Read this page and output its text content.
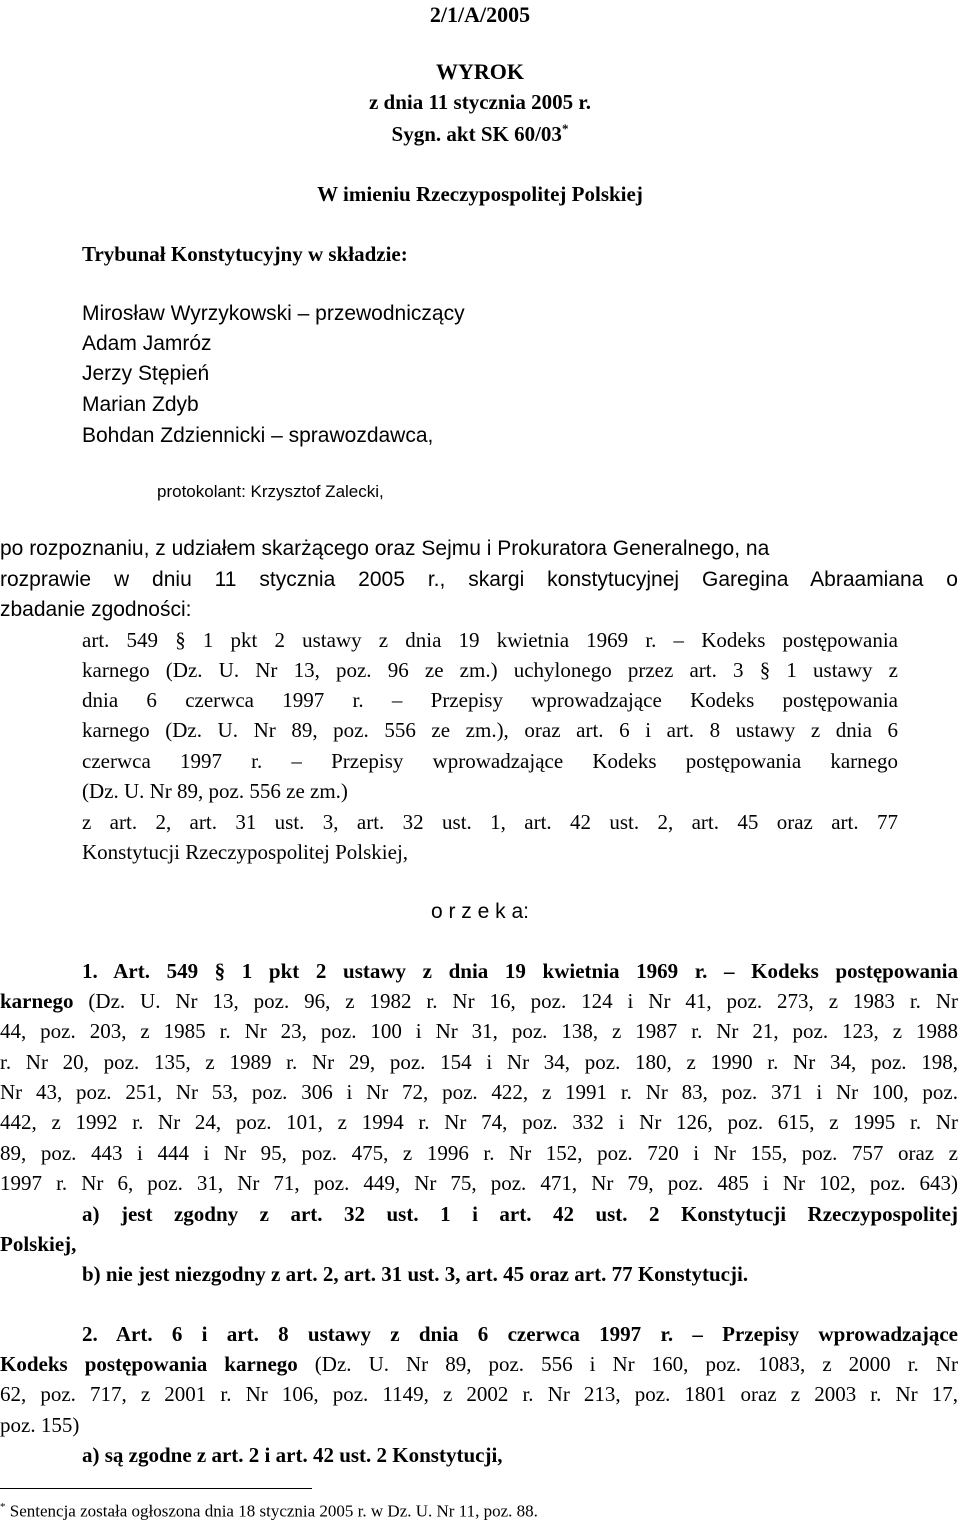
2/1/A/2005
WYROK
z dnia 11 stycznia 2005 r.
Sygn. akt SK 60/03*
W imieniu Rzeczypospolitej Polskiej
Trybunał Konstytucyjny w składzie:
Mirosław Wyrzykowski – przewodniczący
Adam Jamróz
Jerzy Stępień
Marian Zdyb
Bohdan Zdziennicki – sprawozdawca,
protokolant: Krzysztof Zalecki,
po rozpoznaniu, z udziałem skarżącego oraz Sejmu i Prokuratora Generalnego, na
rozprawie w dniu 11 stycznia 2005 r., skargi konstytucyjnej Garegina Abraamiana o
zbadanie zgodności:
art. 549 § 1 pkt 2 ustawy z dnia 19 kwietnia 1969 r. – Kodeks postępowania
karnego (Dz. U. Nr 13, poz. 96 ze zm.) uchylonego przez art. 3 § 1 ustawy z
dnia 6 czerwca 1997 r. – Przepisy wprowadzające Kodeks postępowania
karnego (Dz. U. Nr 89, poz. 556 ze zm.), oraz art. 6 i art. 8 ustawy z dnia 6
czerwca 1997 r. – Przepisy wprowadzające Kodeks postępowania karnego
(Dz. U. Nr 89, poz. 556 ze zm.)
z art. 2, art. 31 ust. 3, art. 32 ust. 1, art. 42 ust. 2, art. 45 oraz art. 77
Konstytucji Rzeczypospolitej Polskiej,
o r z e k a:
1. Art. 549 § 1 pkt 2 ustawy z dnia 19 kwietnia 1969 r. – Kodeks postępowania
karnego (Dz. U. Nr 13, poz. 96, z 1982 r. Nr 16, poz. 124 i Nr 41, poz. 273, z 1983 r. Nr
44, poz. 203, z 1985 r. Nr 23, poz. 100 i Nr 31, poz. 138, z 1987 r. Nr 21, poz. 123, z 1988
r. Nr 20, poz. 135, z 1989 r. Nr 29, poz. 154 i Nr 34, poz. 180, z 1990 r. Nr 34, poz. 198,
Nr 43, poz. 251, Nr 53, poz. 306 i Nr 72, poz. 422, z 1991 r. Nr 83, poz. 371 i Nr 100, poz.
442, z 1992 r. Nr 24, poz. 101, z 1994 r. Nr 74, poz. 332 i Nr 126, poz. 615, z 1995 r. Nr
89, poz. 443 i 444 i Nr 95, poz. 475, z 1996 r. Nr 152, poz. 720 i Nr 155, poz. 757 oraz z
1997 r. Nr 6, poz. 31, Nr 71, poz. 449, Nr 75, poz. 471, Nr 79, poz. 485 i Nr 102, poz. 643)
a) jest zgodny z art. 32 ust. 1 i art. 42 ust. 2 Konstytucji Rzeczypospolitej
Polskiej,
b) nie jest niezgodny z art. 2, art. 31 ust. 3, art. 45 oraz art. 77 Konstytucji.
2. Art. 6 i art. 8 ustawy z dnia 6 czerwca 1997 r. – Przepisy wprowadzające
Kodeks postępowania karnego (Dz. U. Nr 89, poz. 556 i Nr 160, poz. 1083, z 2000 r. Nr
62, poz. 717, z 2001 r. Nr 106, poz. 1149, z 2002 r. Nr 213, poz. 1801 oraz z 2003 r. Nr 17,
poz. 155)
a) są zgodne z art. 2 i art. 42 ust. 2 Konstytucji,
* Sentencja została ogłoszona dnia 18 stycznia 2005 r. w Dz. U. Nr 11, poz. 88.
